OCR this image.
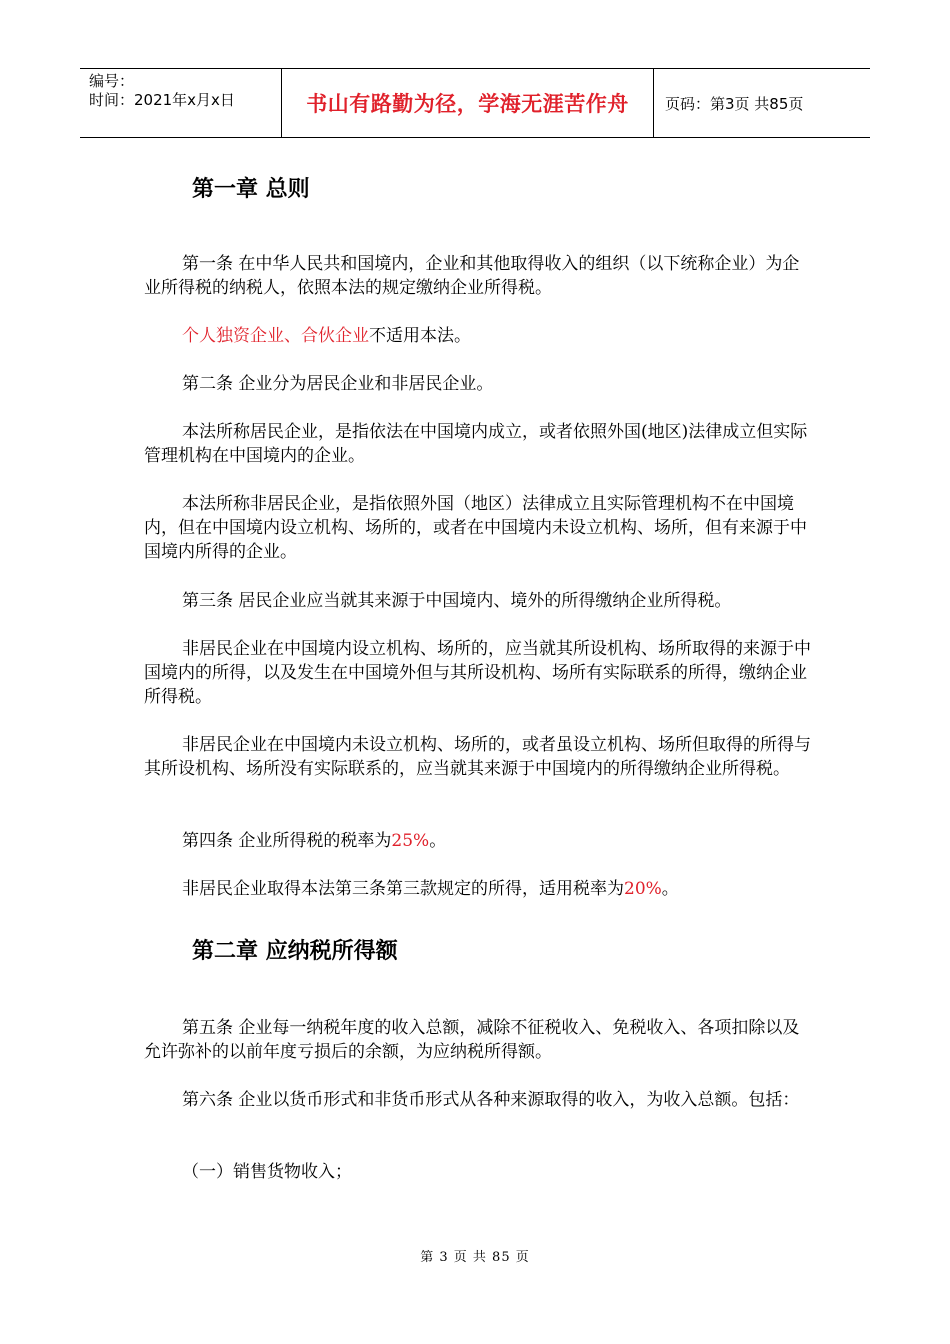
编号：
时间：2021年x月x日	书山有路勤为径，学海无涯苦作舟	页码：第3页 共85页
第一章 总则
第一条 在中华人民共和国境内，企业和其他取得收入的组织（以下统称企业）为企业所得税的纳税人，依照本法的规定缴纳企业所得税。
个人独资企业、合伙企业不适用本法。
第二条 企业分为居民企业和非居民企业。
本法所称居民企业，是指依法在中国境内成立，或者依照外国(地区)法律成立但实际管理机构在中国境内的企业。
本法所称非居民企业，是指依照外国（地区）法律成立且实际管理机构不在中国境内，但在中国境内设立机构、场所的，或者在中国境内未设立机构、场所，但有来源于中国境内所得的企业。
第三条 居民企业应当就其来源于中国境内、境外的所得缴纳企业所得税。
非居民企业在中国境内设立机构、场所的，应当就其所设机构、场所取得的来源于中国境内的所得，以及发生在中国境外但与其所设机构、场所有实际联系的所得，缴纳企业所得税。
非居民企业在中国境内未设立机构、场所的，或者虽设立机构、场所但取得的所得与其所设机构、场所没有实际联系的，应当就其来源于中国境内的所得缴纳企业所得税。
第四条 企业所得税的税率为25%。
非居民企业取得本法第三条第三款规定的所得，适用税率为20%。
第二章 应纳税所得额
第五条 企业每一纳税年度的收入总额，减除不征税收入、免税收入、各项扣除以及允许弥补的以前年度亏损后的余额，为应纳税所得额。
第六条 企业以货币形式和非货币形式从各种来源取得的收入，为收入总额。包括：
（一）销售货物收入；
第 3 页 共 85 页
